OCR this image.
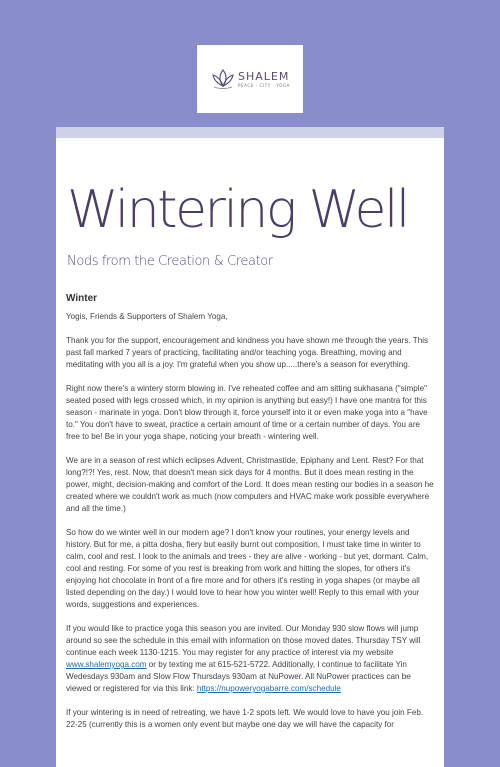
SHALEM
PEACE · CITY · YOGA
Wintering Well

Nods from the Creation & Creator

Winter

Yogis, Friends & Supporters of Shalem Yoga,

Thank you for the support, encouragement and kindness you have shown me through the years. This past fall marked 7 years of practicing, facilitating and/or teaching yoga. Breathing, moving and meditating with you all is a joy. I'm grateful when you show up.....there's a season for everything.

Right now there's a wintery storm blowing in. I've reheated coffee and am sitting sukhasana ("simple" seated posed with legs crossed which, in my opinion is anything but easy!) I have one mantra for this season - marinate in yoga. Don't blow through it, force yourself into it or even make yoga into a "have to." You don't have to sweat, practice a certain amount of time or a certain number of days. You are free to be! Be in your yoga shape, noticing your breath - wintering well.

We are in a season of rest which eclipses Advent, Christmastide, Epiphany and Lent. Rest? For that long?!?! Yes, rest. Now, that doesn't mean sick days for 4 months. But it does mean resting in the power, might, decision-making and comfort of the Lord. It does mean resting our bodies in a season he created where we couldn't work as much (now computers and HVAC make work possible everywhere and all the time.)

So how do we winter well in our modern age? I don't know your routines, your energy levels and history. But for me, a pitta dosha, fiery but easily burnt out composition, I must take time in winter to calm, cool and rest. I look to the animals and trees - they are alive - working - but yet, dormant. Calm, cool and resting. For some of you rest is breaking from work and hitting the slopes, for others it's enjoying hot chocolate in front of a fire more and for others it's resting in yoga shapes (or maybe all listed depending on the day.) I would love to hear how you winter well! Reply to this email with your words, suggestions and experiences.

If you would like to practice yoga this season you are invited. Our Monday 930 slow flows will jump around so see the schedule in this email with information on those moved dates. Thursday TSY will continue each week 1130-1215. You may register for any practice of interest via my website www.shalemyoga.com or by texting me at 615-521-5722. Additionally, I continue to facilitate Yin Wedesdays 930am and Slow Flow Thursdays 930am at NuPower. All NuPower practices can be viewed or registered for via this link: https://nupoweryogabarre.com/schedule

If your wintering is in need of retreating, we have 1-2 spots left. We would love to have you join Feb. 22-25 (currently this is a women only event but maybe one day we will have the capacity for
